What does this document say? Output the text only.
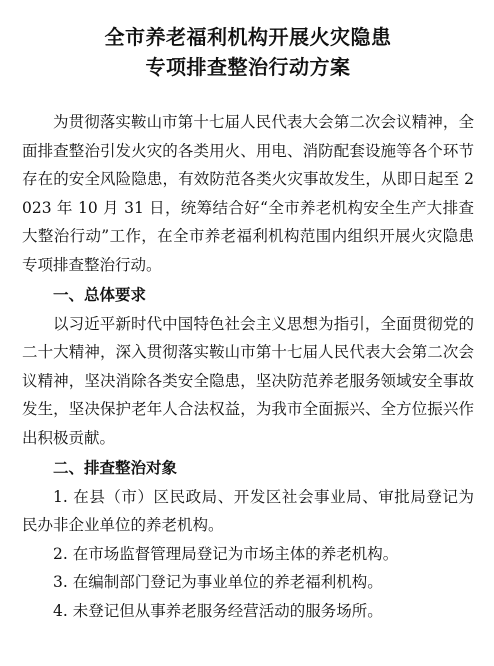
全市养老福利机构开展火灾隐患
专项排查整治行动方案

为贯彻落实鞍山市第十七届人民代表大会第二次会议精神，全面排查整治引发火灾的各类用火、用电、消防配套设施等各个环节存在的安全风险隐患，有效防范各类火灾事故发生，从即日起至 2023 年 10 月 31 日，统筹结合好“全市养老机构安全生产大排查大整治行动”工作，在全市养老福利机构范围内组织开展火灾隐患专项排查整治行动。

一、总体要求

以习近平新时代中国特色社会主义思想为指引，全面贯彻党的二十大精神，深入贯彻落实鞍山市第十七届人民代表大会第二次会议精神，坚决消除各类安全隐患，坚决防范养老服务领域安全事故发生，坚决保护老年人合法权益，为我市全面振兴、全方位振兴作出积极贡献。

二、排查整治对象

1. 在县（市）区民政局、开发区社会事业局、审批局登记为民办非企业单位的养老机构。

2. 在市场监督管理局登记为市场主体的养老机构。

3. 在编制部门登记为事业单位的养老福利机构。

4. 未登记但从事养老服务经营活动的服务场所。
